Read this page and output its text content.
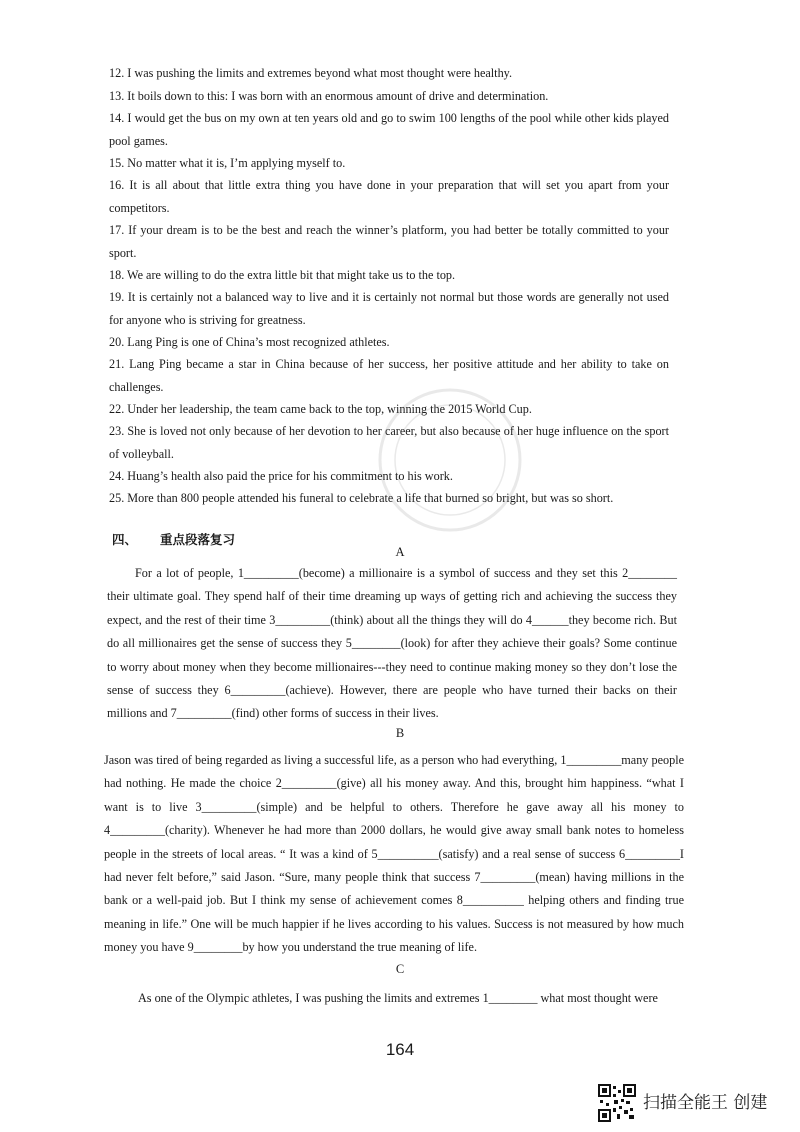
12. I was pushing the limits and extremes beyond what most thought were healthy.
13. It boils down to this: I was born with an enormous amount of drive and determination.
14. I would get the bus on my own at ten years old and go to swim 100 lengths of the pool while other kids played pool games.
15. No matter what it is, I’m applying myself to.
16. It is all about that little extra thing you have done in your preparation that will set you apart from your competitors.
17. If your dream is to be the best and reach the winner’s platform, you had better be totally committed to your sport.
18. We are willing to do the extra little bit that might take us to the top.
19. It is certainly not a balanced way to live and it is certainly not normal but those words are generally not used for anyone who is striving for greatness.
20. Lang Ping is one of China’s most recognized athletes.
21. Lang Ping became a star in China because of her success, her positive attitude and her ability to take on challenges.
22. Under her leadership, the team came back to the top, winning the 2015 World Cup.
23. She is loved not only because of her devotion to her career, but also because of her huge influence on the sport of volleyball.
24. Huang’s health also paid the price for his commitment to his work.
25. More than 800 people attended his funeral to celebrate a life that burned so bright, but was so short.
四、 重点段落复习
A
For a lot of people, 1_________(become) a millionaire is a symbol of success and they set this 2________ their ultimate goal. They spend half of their time dreaming up ways of getting rich and achieving the success they expect, and the rest of their time 3_________(think) about all the things they will do 4______they become rich. But do all millionaires get the sense of success they 5________(look) for after they achieve their goals? Some continue to worry about money when they become millionaires---they need to continue making money so they don’t lose the sense of success they 6_________(achieve). However, there are people who have turned their backs on their millions and 7_________(find) other forms of success in their lives.
B
Jason was tired of being regarded as living a successful life, as a person who had everything, 1_________many people had nothing. He made the choice 2_________(give) all his money away. And this, brought him happiness. “what I want is to live 3_________(simple) and be helpful to others. Therefore he gave away all his money to 4_________(charity). Whenever he had more than 2000 dollars, he would give away small bank notes to homeless people in the streets of local areas. “ It was a kind of 5__________(satisfy) and a real sense of success 6_________I had never felt before,” said Jason. “Sure, many people think that success 7_________(mean) having millions in the bank or a well-paid job. But I think my sense of achievement comes 8__________ helping others and finding true meaning in life.” One will be much happier if he lives according to his values. Success is not measured by how much money you have 9________by how you understand the true meaning of life.
C
As one of the Olympic athletes, I was pushing the limits and extremes 1________ what most thought were
164
扫描全能王 创建
